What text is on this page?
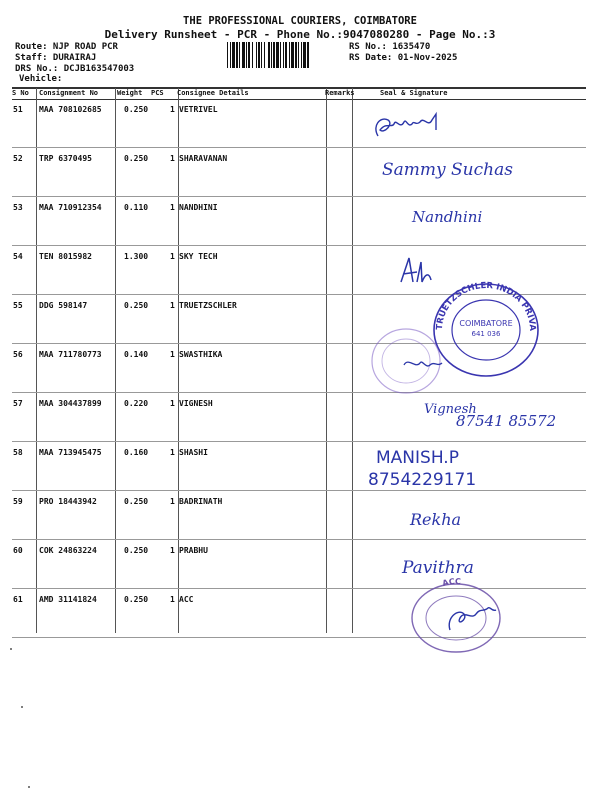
THE PROFESSIONAL COURIERS, COIMBATORE
Delivery Runsheet - PCR - Phone No.:9047080280 - Page No.:3
Route: NJP ROAD PCR
Staff: DURAIRAJ
DRS No.: DCJB163547003
Vehicle:
RS No.: 1635470
RS Date: 01-Nov-2025
S No Consignment No	Weight PCS Consignee Details	Remarks	Seal & Signature
51 MAA 708102685	0.250	1 VETRIVEL
52 TRP 6370495	0.250	1 SHARAVANAN
53 MAA 710912354	0.110	1 NANDHINI
54 TEN 8015982	1.300	1 SKY TECH
55 DDG 598147	0.250	1 TRUETZSCHLER
56 MAA 711780773	0.140	1 SWASTHIKA
57 MAA 304437899	0.220	1 VIGNESH
58 MAA 713945475	0.160	1 SHASHI
59 PRO 18443942	0.250	1 BADRINATH
60 COK 24863224	0.250	1 PRABHU
61 AMD 31141824	0.250	1 ACC
Sammy Suchas
Nandhini
Vignesh
87541 85572
MANISH.P
8754229171
Rekha
Pavithra
TRUETZSCHLER INDIA PRIVATE LIMITED
COIMBATORE
641 036
ACC
